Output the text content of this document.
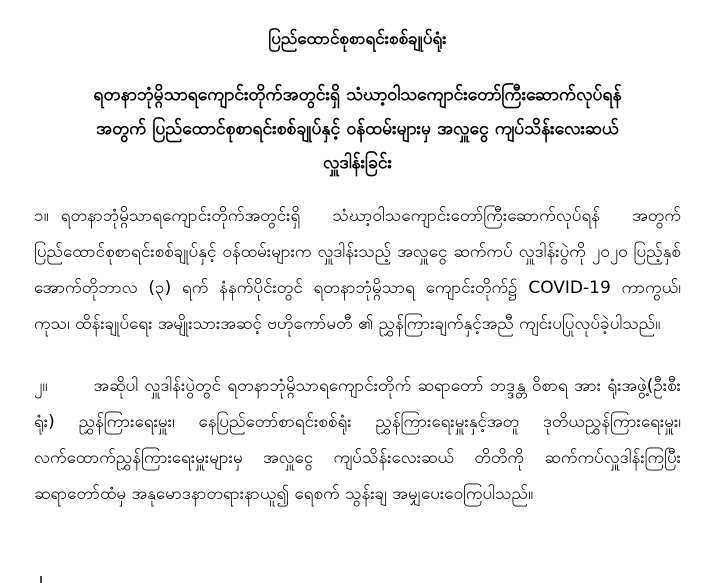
ပြည်ထောင်စုစာရင်းစစ်ချုပ်ရုံး
ရတနာဘုံမ္ဂိသာရကျောင်းတိုက်အတွင်းရှိ သံဃာ့ဝါသကျောင်းတော်ကြီးဆောက်လုပ်ရန်
အတွက် ပြည်ထောင်စုစာရင်းစစ်ချုပ်နှင့် ဝန်ထမ်းများမှ အလှူငွေ ကျပ်သိန်းလေးဆယ်
လှူဒါန်းခြင်း

၁။ ရတနာဘုံမ္ဂိသာရကျောင်းတိုက်အတွင်းရှိ သံဃာ့ဝါသကျောင်းတော်ကြီးဆောက်လုပ်ရန် အတွက် ပြည်ထောင်စုစာရင်းစစ်ချုပ်နှင့် ဝန်ထမ်းများက လှူဒါန်းသည့် အလှူငွေ ဆက်ကပ် လှူဒါန်းပွဲကို ၂၀၂၀ ပြည့်နှစ် အောက်တိုဘာလ (၃) ရက် နံနက်ပိုင်းတွင် ရတနာဘုံမ္ဂိသာရ ကျောင်းတိုက်၌ COVID-19 ကာကွယ်၊ ကုသ၊ ထိန်းချုပ်ရေး အမျိုးသားအဆင့် ဗဟိုကော်မတီ ၏ ညွှန်ကြားချက်နှင့်အညီ ကျင်းပပြုလုပ်ခဲ့ပါသည်။

၂။	အဆိုပါ လှူဒါန်းပွဲတွင် ရတနာဘုံမ္ဂိသာရကျောင်းတိုက် ဆရာတော် ဘဒ္ဒန္တ ဝိစာရ အား ရုံးအဖွဲ့(ဦးစီးရုံး) ညွှန်ကြားရေးမှူး၊ နေပြည်တော်စာရင်းစစ်ရုံး ညွှန်ကြားရေးမှူးနှင့်အတူ ဒုတိယညွှန်ကြားရေးမှူး၊ လက်ထောက်ညွှန်ကြားရေးမှူးများမှ အလှူငွေ ကျပ်သိန်းလေးဆယ် တိတိကို ဆက်ကပ်လှူဒါန်းကြပြီး ဆရာတော်ထံမှ အနုမောဒနာတရားနာယူ၍ ရေစက် သွန်းချ အမျှပေးဝေကြပါသည်။
